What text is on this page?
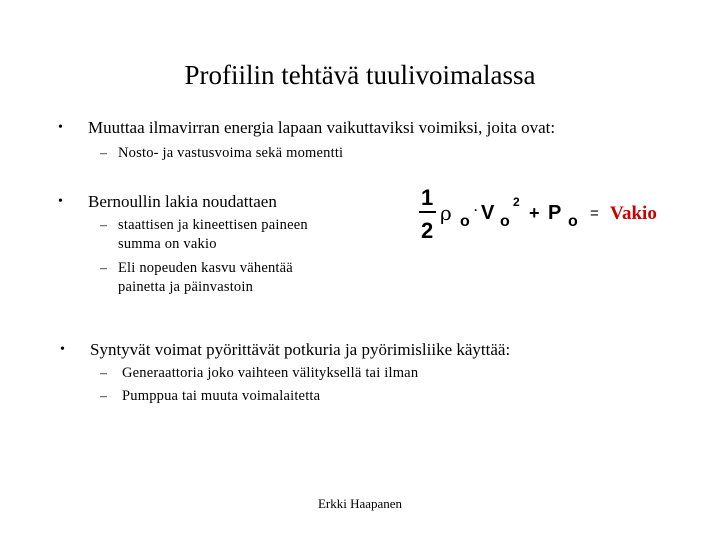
Profiilin tehtävä tuulivoimalassa
• Muuttaa ilmavirran energia lapaan vaikuttaviksi voimiksi, joita ovat:
– Nosto- ja vastusvoima sekä momentti
• Bernoullin lakia noudattaen
– staattisen ja kineettisen paineen
summa on vakio
– Eli nopeuden kasvu vähentää
painetta ja päinvastoin
1
2
ρ o
· V o
2
+ P o = Vakio
• Syntyvät voimat pyörittävät potkuria ja pyörimisliike käyttää:
– Generaattoria joko vaihteen välityksellä tai ilman
– Pumppua tai muuta voimalaitetta
Erkki Haapanen
